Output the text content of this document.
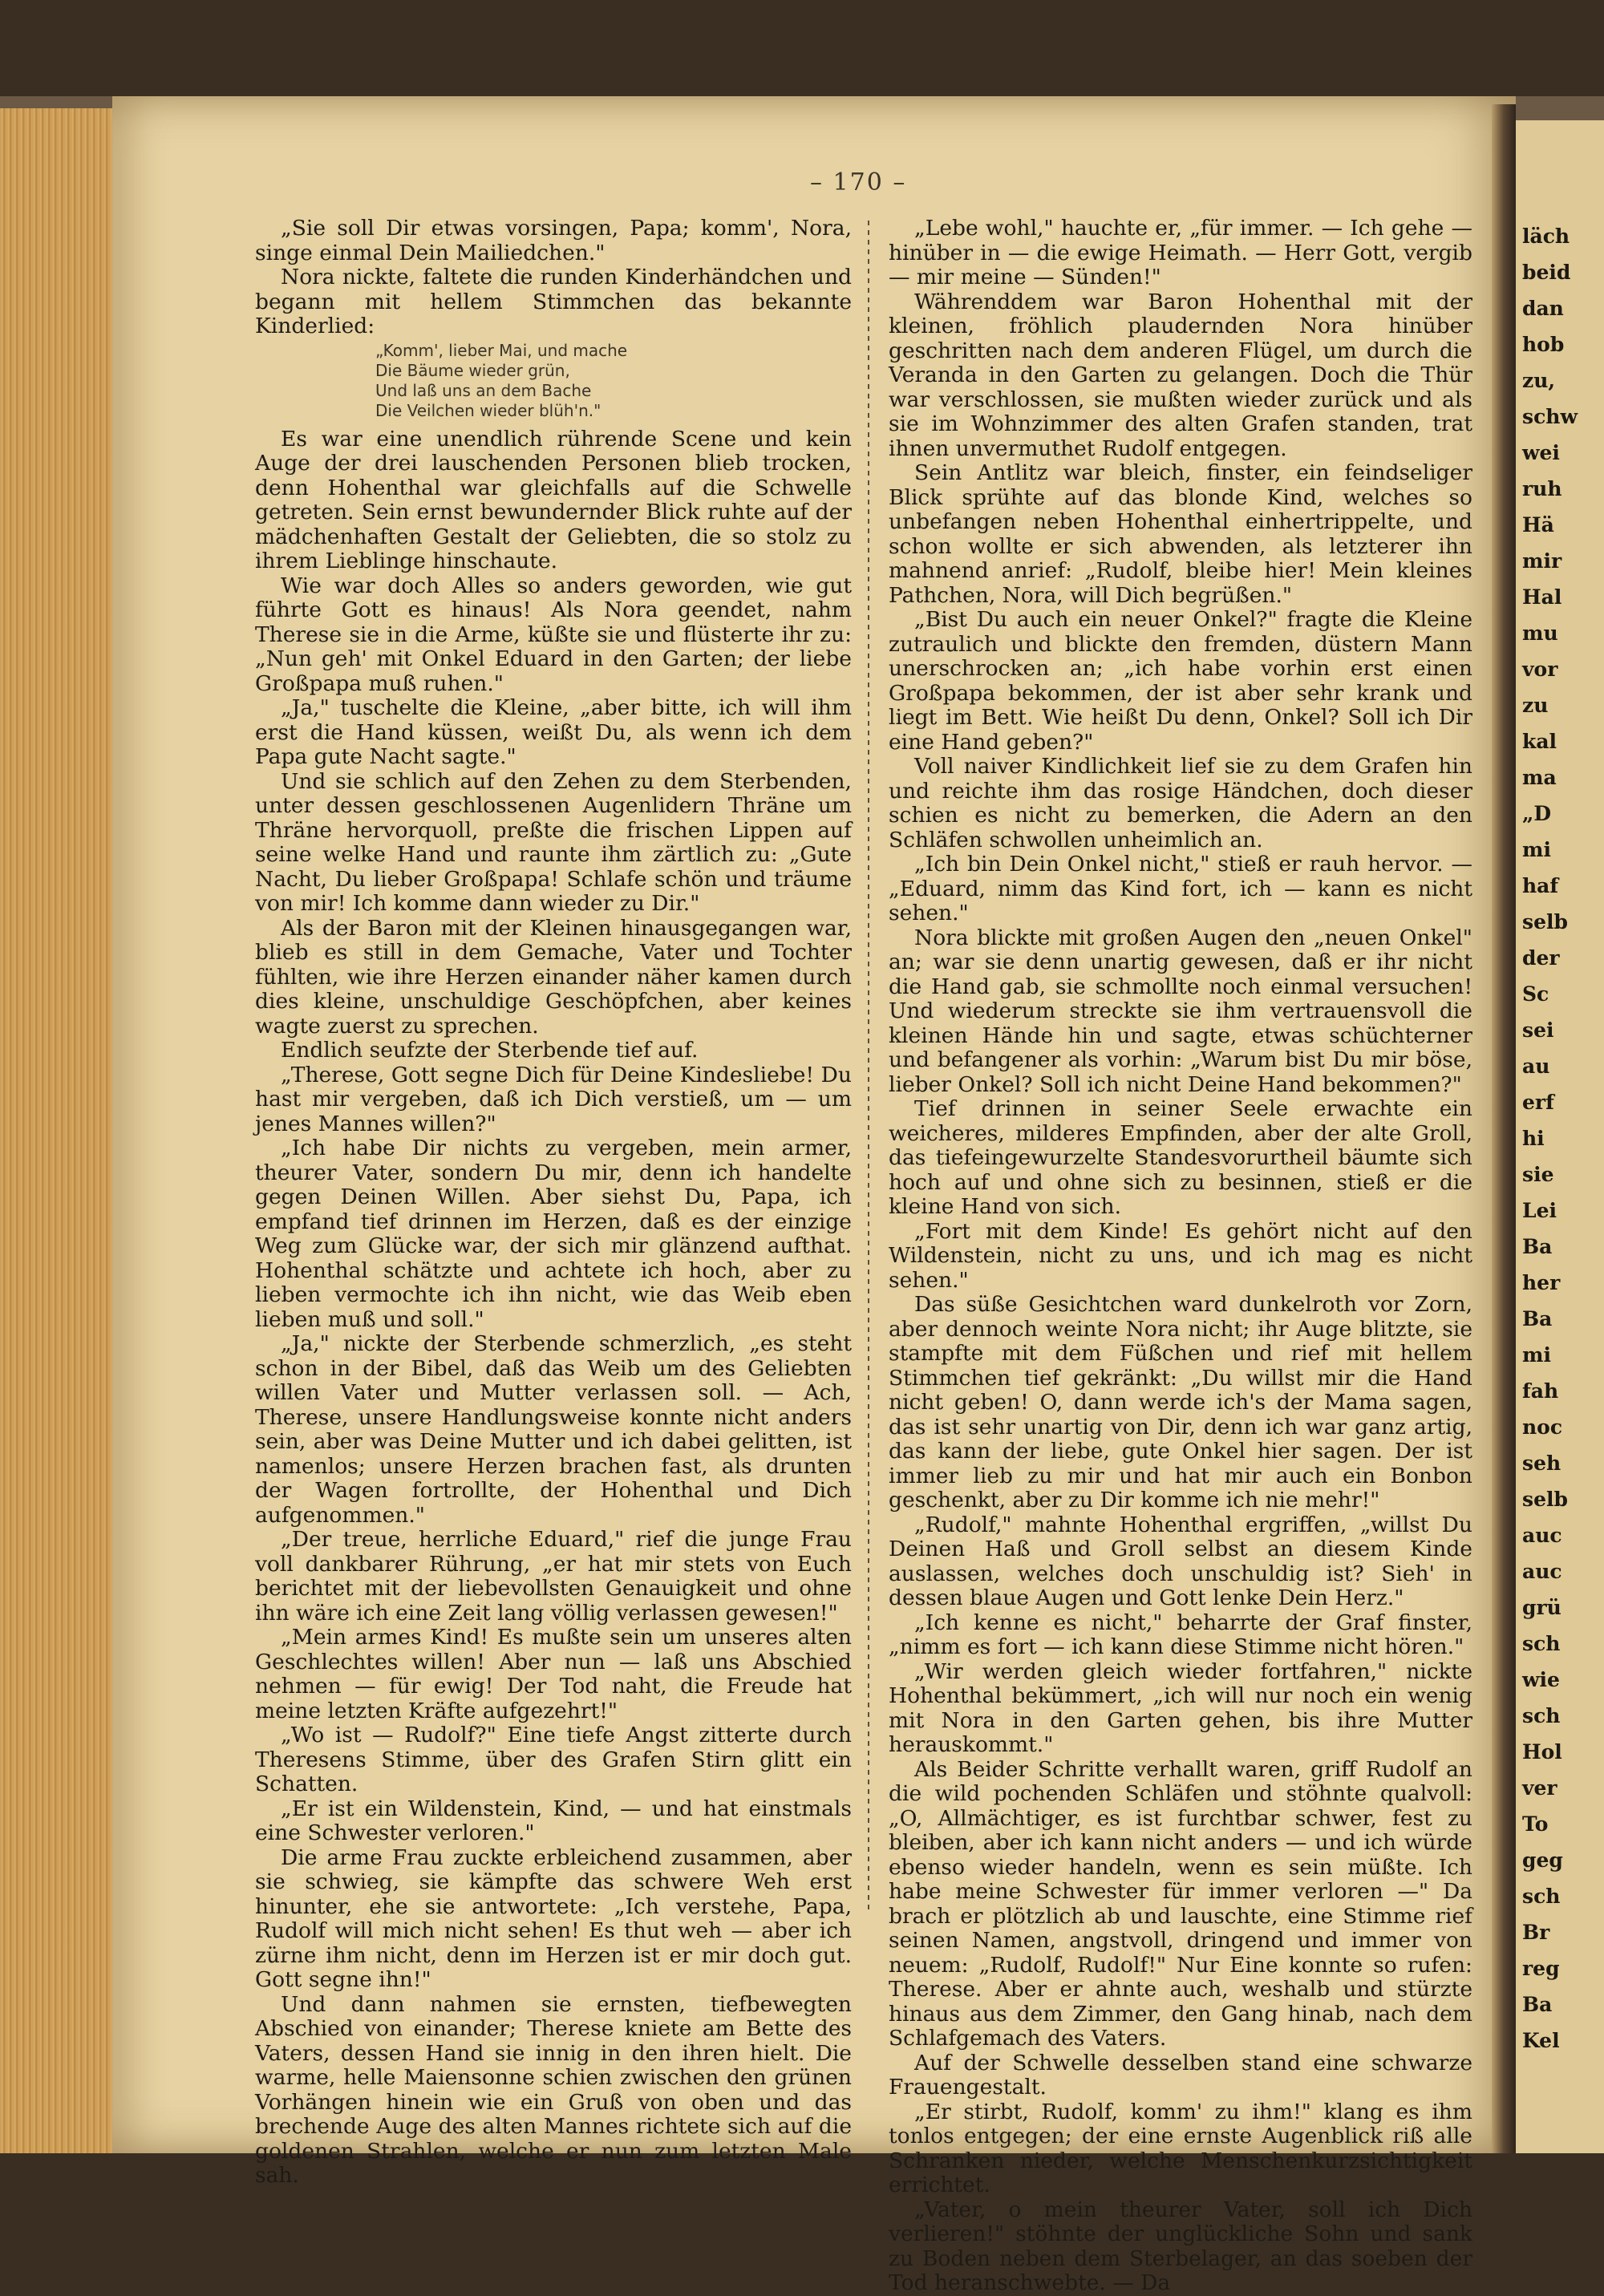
läch
beid
dan
hob
zu,
schw
wei
ruh
Hä
mir
Hal
mu
vor
zu
kal
ma
„D
mi
haf
selb
der
Sc
sei
au
erf
hi
sie
Lei
Ba
her
Ba
mi
fah
noc
seh
selb
auc
auc
grü
sch
wie
sch
Hol
ver
To
geg
sch
Br
reg
Ba
Kel
– 170 –

„Sie soll Dir etwas vorsingen, Papa; komm', Nora, singe einmal Dein Mailiedchen."

Nora nickte, faltete die runden Kinderhändchen und begann mit hellem Stimmchen das bekannte Kinderlied:

„Komm', lieber Mai, und mache
Die Bäume wieder grün,
Und laß uns an dem Bache
Die Veilchen wieder blüh'n."

Es war eine unendlich rührende Scene und kein Auge der drei lauschenden Personen blieb trocken, denn Hohenthal war gleichfalls auf die Schwelle getreten. Sein ernst bewundernder Blick ruhte auf der mädchenhaften Gestalt der Geliebten, die so stolz zu ihrem Lieblinge hinschaute.

Wie war doch Alles so anders geworden, wie gut führte Gott es hinaus! Als Nora geendet, nahm Therese sie in die Arme, küßte sie und flüsterte ihr zu: „Nun geh' mit Onkel Eduard in den Garten; der liebe Großpapa muß ruhen."

„Ja," tuschelte die Kleine, „aber bitte, ich will ihm erst die Hand küssen, weißt Du, als wenn ich dem Papa gute Nacht sagte."

Und sie schlich auf den Zehen zu dem Sterbenden, unter dessen geschlossenen Augenlidern Thräne um Thräne hervorquoll, preßte die frischen Lippen auf seine welke Hand und raunte ihm zärtlich zu: „Gute Nacht, Du lieber Großpapa! Schlafe schön und träume von mir! Ich komme dann wieder zu Dir."

Als der Baron mit der Kleinen hinausgegangen war, blieb es still in dem Gemache, Vater und Tochter fühlten, wie ihre Herzen einander näher kamen durch dies kleine, unschuldige Geschöpfchen, aber keines wagte zuerst zu sprechen.

Endlich seufzte der Sterbende tief auf.

„Therese, Gott segne Dich für Deine Kindesliebe! Du hast mir vergeben, daß ich Dich verstieß, um — um jenes Mannes willen?"

„Ich habe Dir nichts zu vergeben, mein armer, theurer Vater, sondern Du mir, denn ich handelte gegen Deinen Willen. Aber siehst Du, Papa, ich empfand tief drinnen im Herzen, daß es der einzige Weg zum Glücke war, der sich mir glänzend aufthat. Hohenthal schätzte und achtete ich hoch, aber zu lieben vermochte ich ihn nicht, wie das Weib eben lieben muß und soll."

„Ja," nickte der Sterbende schmerzlich, „es steht schon in der Bibel, daß das Weib um des Geliebten willen Vater und Mutter verlassen soll. — Ach, Therese, unsere Handlungsweise konnte nicht anders sein, aber was Deine Mutter und ich dabei gelitten, ist namenlos; unsere Herzen brachen fast, als drunten der Wagen fortrollte, der Hohenthal und Dich aufgenommen."

„Der treue, herrliche Eduard," rief die junge Frau voll dankbarer Rührung, „er hat mir stets von Euch berichtet mit der liebevollsten Genauigkeit und ohne ihn wäre ich eine Zeit lang völlig verlassen gewesen!"

„Mein armes Kind! Es mußte sein um unseres alten Geschlechtes willen! Aber nun — laß uns Abschied nehmen — für ewig! Der Tod naht, die Freude hat meine letzten Kräfte aufgezehrt!"

„Wo ist — Rudolf?" Eine tiefe Angst zitterte durch Theresens Stimme, über des Grafen Stirn glitt ein Schatten.

„Er ist ein Wildenstein, Kind, — und hat einstmals eine Schwester verloren."

Die arme Frau zuckte erbleichend zusammen, aber sie schwieg, sie kämpfte das schwere Weh erst hinunter, ehe sie antwortete: „Ich verstehe, Papa, Rudolf will mich nicht sehen! Es thut weh — aber ich zürne ihm nicht, denn im Herzen ist er mir doch gut. Gott segne ihn!"

Und dann nahmen sie ernsten, tiefbewegten Abschied von einander; Therese kniete am Bette des Vaters, dessen Hand sie innig in den ihren hielt. Die warme, helle Maiensonne schien zwischen den grünen Vorhängen hinein wie ein Gruß von oben und das brechende Auge des alten Mannes richtete sich auf die goldenen Strahlen, welche er nun zum letzten Male sah.

„Lebe wohl," hauchte er, „für immer. — Ich gehe — hinüber in — die ewige Heimath. — Herr Gott, vergib — mir meine — Sünden!"

Währenddem war Baron Hohenthal mit der kleinen, fröhlich plaudernden Nora hinüber geschritten nach dem anderen Flügel, um durch die Veranda in den Garten zu gelangen. Doch die Thür war verschlossen, sie mußten wieder zurück und als sie im Wohnzimmer des alten Grafen standen, trat ihnen unvermuthet Rudolf entgegen.

Sein Antlitz war bleich, finster, ein feindseliger Blick sprühte auf das blonde Kind, welches so unbefangen neben Hohenthal einhertrippelte, und schon wollte er sich abwenden, als letzterer ihn mahnend anrief: „Rudolf, bleibe hier! Mein kleines Pathchen, Nora, will Dich begrüßen."

„Bist Du auch ein neuer Onkel?" fragte die Kleine zutraulich und blickte den fremden, düstern Mann unerschrocken an; „ich habe vorhin erst einen Großpapa bekommen, der ist aber sehr krank und liegt im Bett. Wie heißt Du denn, Onkel? Soll ich Dir eine Hand geben?"

Voll naiver Kindlichkeit lief sie zu dem Grafen hin und reichte ihm das rosige Händchen, doch dieser schien es nicht zu bemerken, die Adern an den Schläfen schwollen unheimlich an.

„Ich bin Dein Onkel nicht," stieß er rauh hervor. — „Eduard, nimm das Kind fort, ich — kann es nicht sehen."

Nora blickte mit großen Augen den „neuen Onkel" an; war sie denn unartig gewesen, daß er ihr nicht die Hand gab, sie schmollte noch einmal versuchen! Und wiederum streckte sie ihm vertrauensvoll die kleinen Hände hin und sagte, etwas schüchterner und befangener als vorhin: „Warum bist Du mir böse, lieber Onkel? Soll ich nicht Deine Hand bekommen?"

Tief drinnen in seiner Seele erwachte ein weicheres, milderes Empfinden, aber der alte Groll, das tiefeingewurzelte Standesvorurtheil bäumte sich hoch auf und ohne sich zu besinnen, stieß er die kleine Hand von sich.

„Fort mit dem Kinde! Es gehört nicht auf den Wildenstein, nicht zu uns, und ich mag es nicht sehen."

Das süße Gesichtchen ward dunkelroth vor Zorn, aber dennoch weinte Nora nicht; ihr Auge blitzte, sie stampfte mit dem Füßchen und rief mit hellem Stimmchen tief gekränkt: „Du willst mir die Hand nicht geben! O, dann werde ich's der Mama sagen, das ist sehr unartig von Dir, denn ich war ganz artig, das kann der liebe, gute Onkel hier sagen. Der ist immer lieb zu mir und hat mir auch ein Bonbon geschenkt, aber zu Dir komme ich nie mehr!"

„Rudolf," mahnte Hohenthal ergriffen, „willst Du Deinen Haß und Groll selbst an diesem Kinde auslassen, welches doch unschuldig ist? Sieh' in dessen blaue Augen und Gott lenke Dein Herz."

„Ich kenne es nicht," beharrte der Graf finster, „nimm es fort — ich kann diese Stimme nicht hören."

„Wir werden gleich wieder fortfahren," nickte Hohenthal bekümmert, „ich will nur noch ein wenig mit Nora in den Garten gehen, bis ihre Mutter herauskommt."

Als Beider Schritte verhallt waren, griff Rudolf an die wild pochenden Schläfen und stöhnte qualvoll: „O, Allmächtiger, es ist furchtbar schwer, fest zu bleiben, aber ich kann nicht anders — und ich würde ebenso wieder handeln, wenn es sein müßte. Ich habe meine Schwester für immer verloren —" Da brach er plötzlich ab und lauschte, eine Stimme rief seinen Namen, angstvoll, dringend und immer von neuem: „Rudolf, Rudolf!" Nur Eine konnte so rufen: Therese. Aber er ahnte auch, weshalb und stürzte hinaus aus dem Zimmer, den Gang hinab, nach dem Schlafgemach des Vaters.

Auf der Schwelle desselben stand eine schwarze Frauengestalt.

„Er stirbt, Rudolf, komm' zu ihm!" klang es ihm tonlos entgegen; der eine ernste Augenblick riß alle Schranken nieder, welche Menschenkurzsichtigkeit errichtet.

„Vater, o mein theurer Vater, soll ich Dich verlieren!" stöhnte der unglückliche Sohn und sank zu Boden neben dem Sterbelager, an das soeben der Tod heranschwebte. — Da
